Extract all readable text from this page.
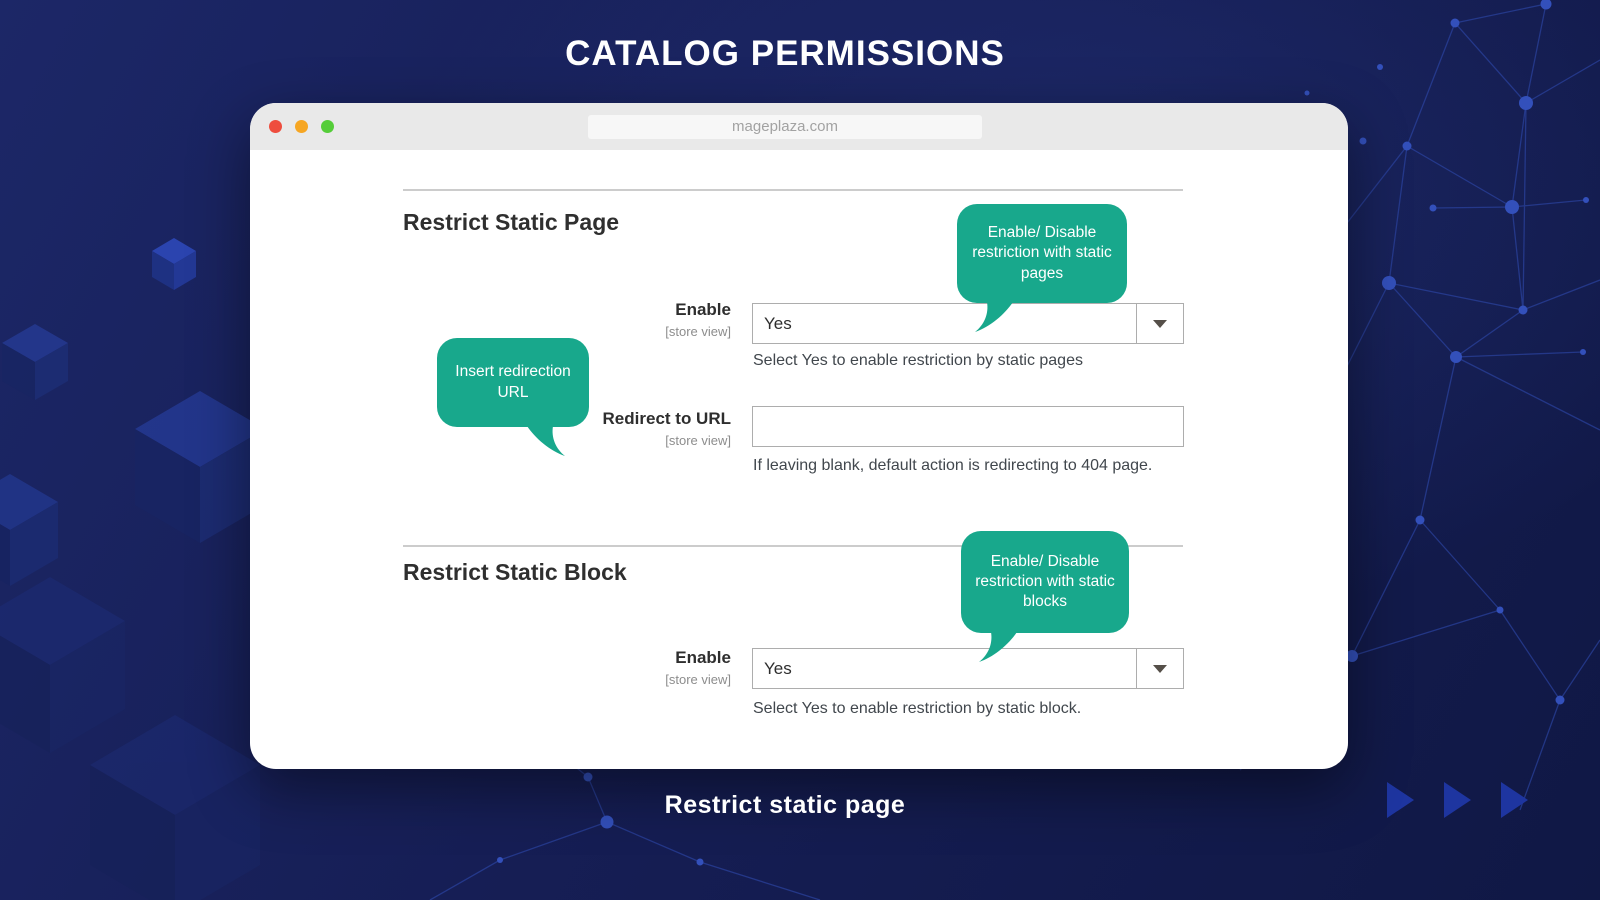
CATALOG PERMISSIONS
mageplaza.com
Restrict Static Page
Enable
[store view] Yes
Select Yes to enable restriction by static pages
Redirect to URL
[store view]
If leaving blank, default action is redirecting to 404 page.
Restrict Static Block
Enable
[store view]
Yes
Select Yes to enable restriction by static block.
Enable/ Disable restriction with static pages
Insert redirection URL
Enable/ Disable restriction with static blocks
Restrict static page
